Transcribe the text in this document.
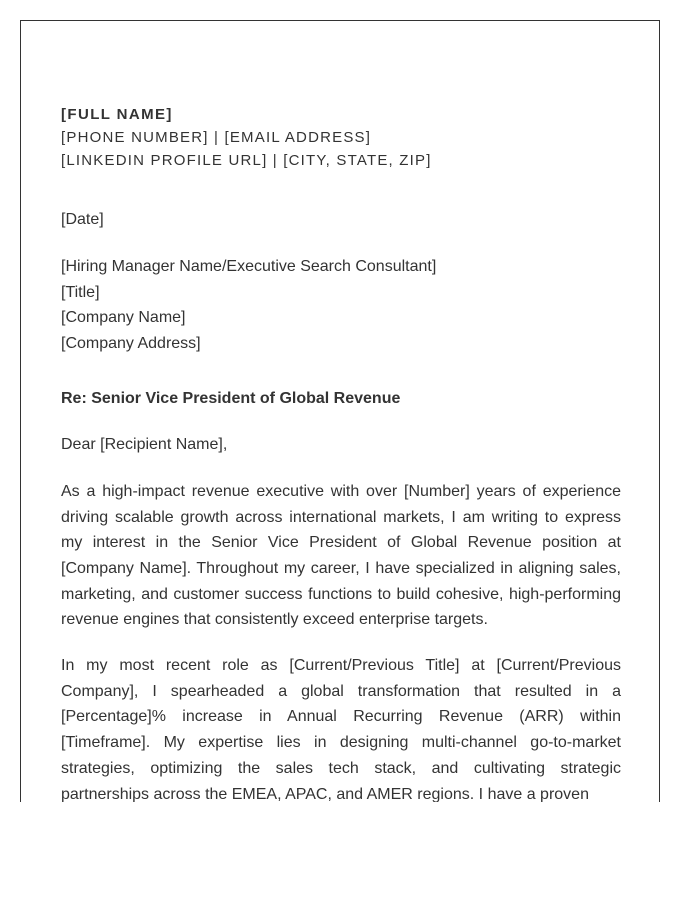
[FULL NAME]
[PHONE NUMBER] | [EMAIL ADDRESS]
[LINKEDIN PROFILE URL] | [CITY, STATE, ZIP]
[Date]
[Hiring Manager Name/Executive Search Consultant]
[Title]
[Company Name]
[Company Address]
Re: Senior Vice President of Global Revenue
Dear [Recipient Name],

As a high-impact revenue executive with over [Number] years of experience driving scalable growth across international markets, I am writing to express my interest in the Senior Vice President of Global Revenue position at [Company Name]. Throughout my career, I have specialized in aligning sales, marketing, and customer success functions to build cohesive, high-performing revenue engines that consistently exceed enterprise targets.

In my most recent role as [Current/Previous Title] at [Current/Previous Company], I spearheaded a global transformation that resulted in a [Percentage]% increase in Annual Recurring Revenue (ARR) within [Timeframe]. My expertise lies in designing multi-channel go-to-market strategies, optimizing the sales tech stack, and cultivating strategic partnerships across the EMEA, APAC, and AMER regions. I have a proven
